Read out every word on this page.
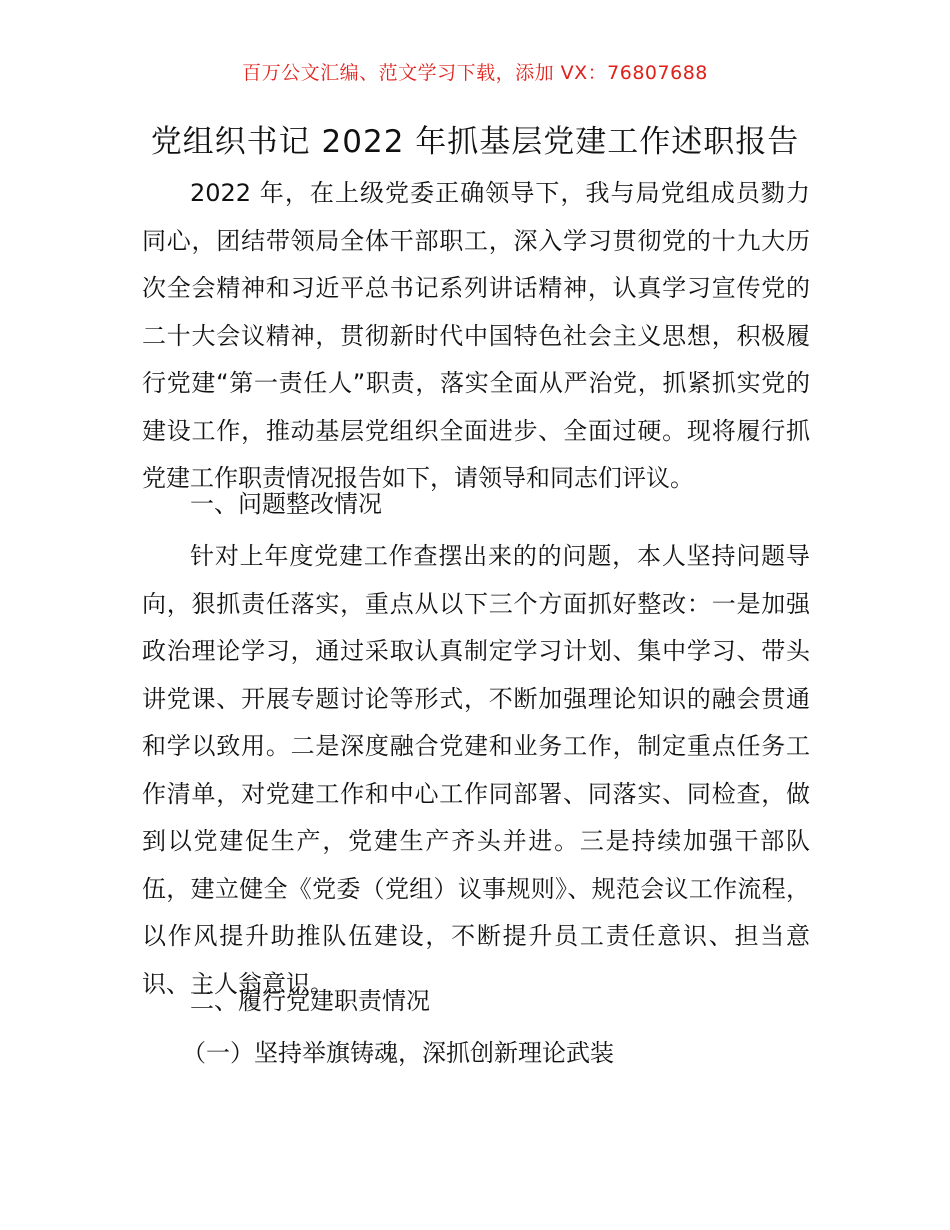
百万公文汇编、范文学习下载，添加 VX：76807688
党组织书记 2022 年抓基层党建工作述职报告
2022 年，在上级党委正确领导下，我与局党组成员勠力同心，团结带领局全体干部职工，深入学习贯彻党的十九大历次全会精神和习近平总书记系列讲话精神，认真学习宣传党的二十大会议精神，贯彻新时代中国特色社会主义思想，积极履行党建“第一责任人”职责，落实全面从严治党，抓紧抓实党的建设工作，推动基层党组织全面进步、全面过硬。现将履行抓党建工作职责情况报告如下，请领导和同志们评议。
一、问题整改情况
针对上年度党建工作查摆出来的的问题，本人坚持问题导向，狠抓责任落实，重点从以下三个方面抓好整改：一是加强政治理论学习，通过采取认真制定学习计划、集中学习、带头讲党课、开展专题讨论等形式，不断加强理论知识的融会贯通和学以致用。二是深度融合党建和业务工作，制定重点任务工作清单，对党建工作和中心工作同部署、同落实、同检查，做到以党建促生产，党建生产齐头并进。三是持续加强干部队伍，建立健全《党委（党组）议事规则》、规范会议工作流程，以作风提升助推队伍建设，不断提升员工责任意识、担当意识、主人翁意识。
二、履行党建职责情况
（一）坚持举旗铸魂，深抓创新理论武装
